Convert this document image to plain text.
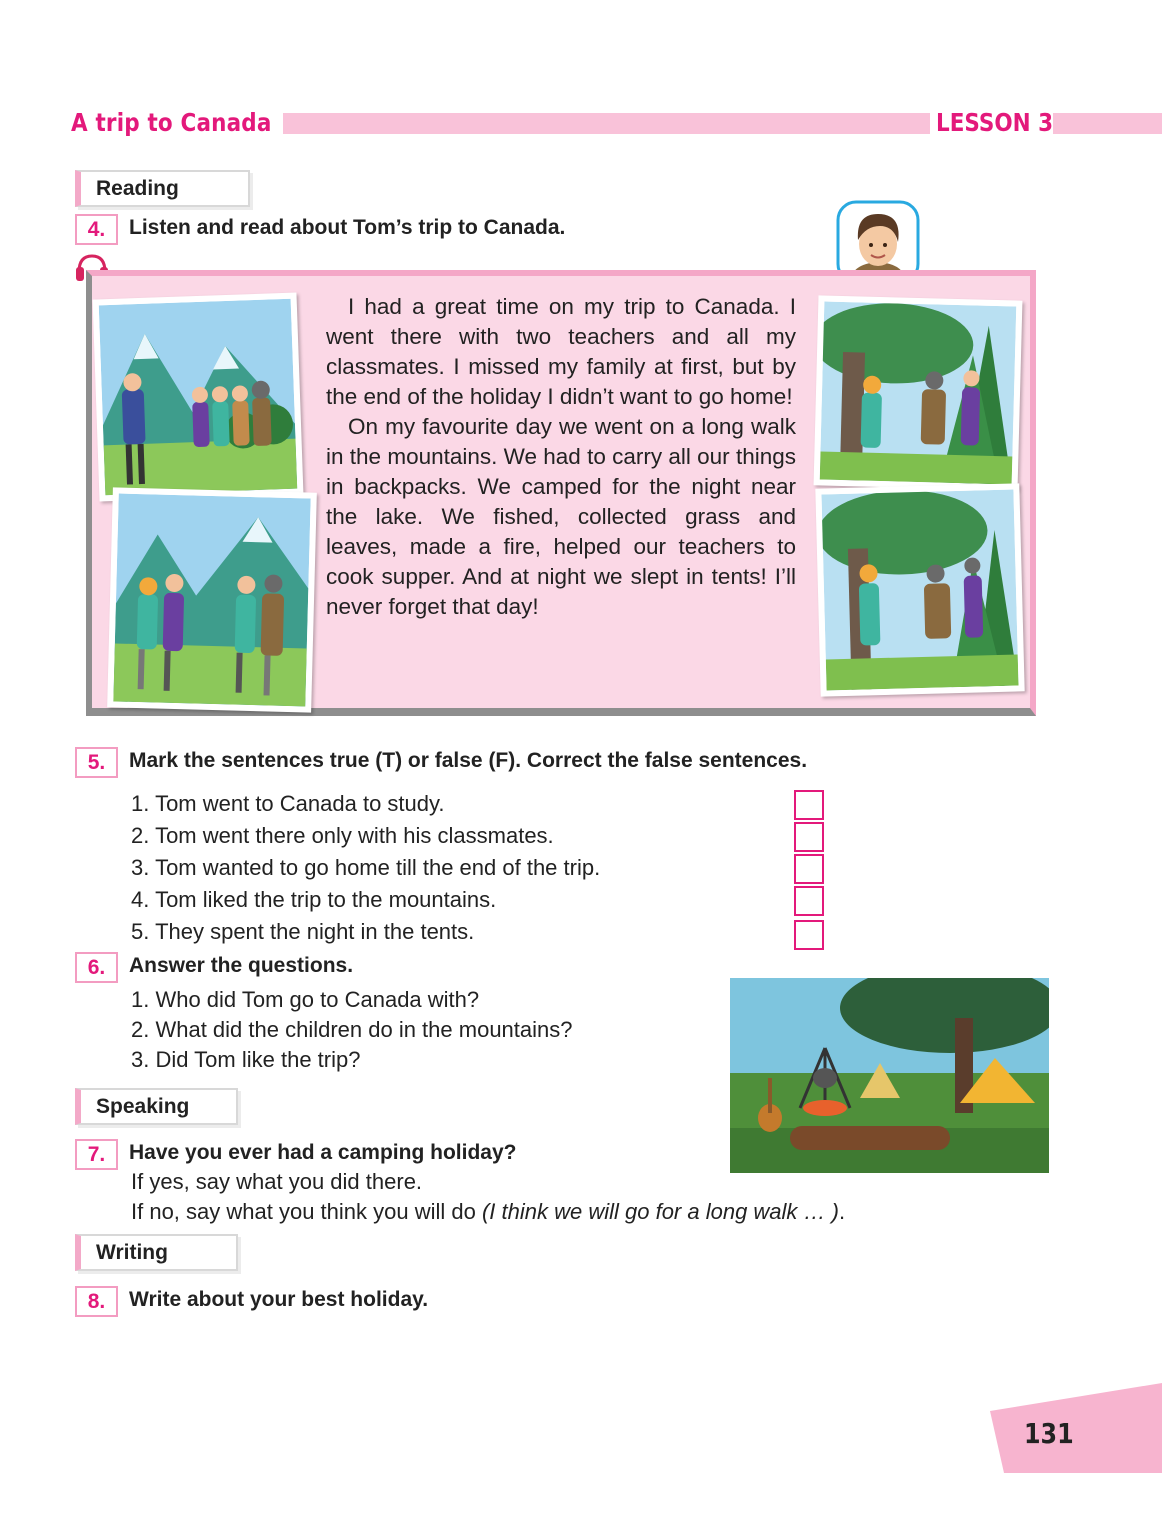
A trip to Canada	LESSON 3
Reading
4.	Listen and read about Tom’s trip to Canada.

I had a great time on my trip to Canada. I went there with two teachers and all my classmates. I missed my family at first, but by the end of the holiday I didn’t want to go home!

On my favourite day we went on a long walk in the mountains. We had to carry all our things in backpacks. We camped for the night near the lake. We fished, collected grass and leaves, made a fire, helped our teachers to cook supper. And at night we slept in tents! I’ll never forget that day!

5.	Mark the sentences true (T) or false (F). Correct the false sentences.
1. Tom went to Canada to study.
2. Tom went there only with his classmates.
3. Tom wanted to go home till the end of the trip.
4. Tom liked the trip to the mountains.
5. They spent the night in the tents.
6.	Answer the questions.
1. Who did Tom go to Canada with?
2. What did the children do in the mountains?
3. Did Tom like the trip?
Speaking
7.	Have you ever had a camping holiday?
If yes, say what you did there.
If no, say what you think you will do (I think we will go for a long walk … ).
Writing
8.	Write about your best holiday.
131
